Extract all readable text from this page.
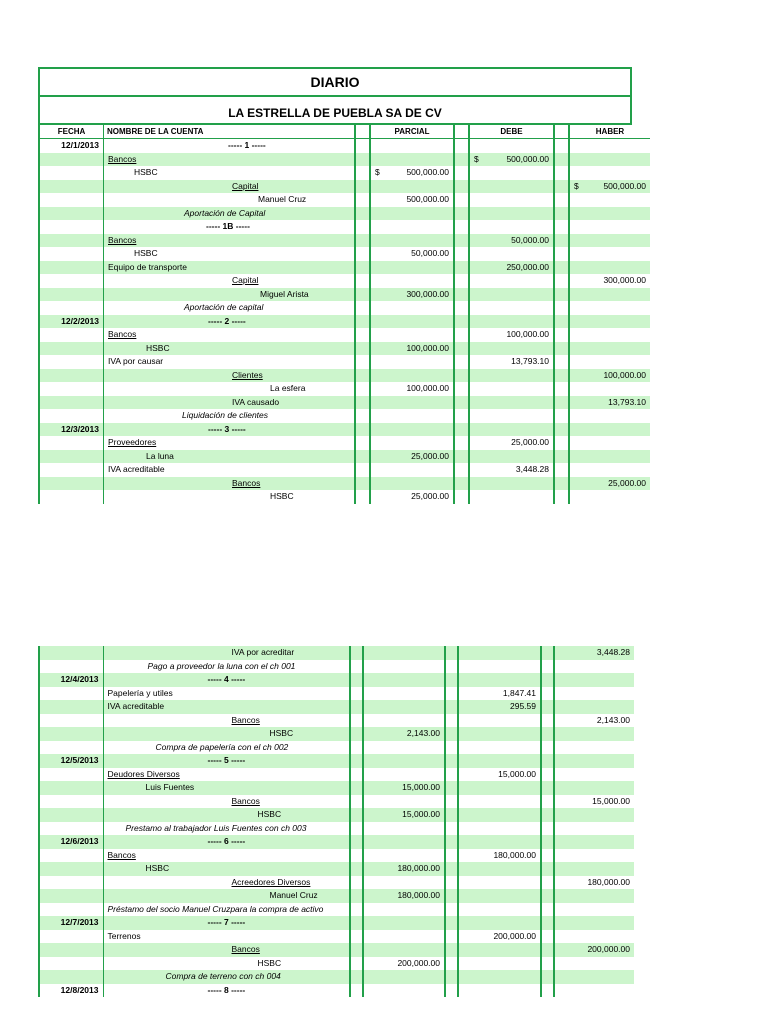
DIARIO
LA ESTRELLA DE PUEBLA SA DE CV
FECHA	NOMBRE DE LA CUENTA		PARCIAL		DEBE		HABER
12/1/2013	----- 1 -----						
	Bancos				$ 500,000.00		
	HSBC		$ 500,000.00				
	Capital						$ 500,000.00
	Manuel Cruz		500,000.00				
	Aportación de Capital						
	----- 1B -----						
	Bancos				50,000.00		
	HSBC		50,000.00				
	Equipo de transporte				250,000.00		
	Capital						300,000.00
	Miguel Arista		300,000.00				
	Aportación de capital						
12/2/2013	----- 2 -----						
	Bancos				100,000.00		
	HSBC		100,000.00				
	IVA por causar				13,793.10		
	Clientes						100,000.00
	La esfera		100,000.00				
	IVA causado						13,793.10
	Liquidación de clientes						
12/3/2013	----- 3 -----						
	Proveedores				25,000.00		
	La luna		25,000.00				
	IVA acreditable				3,448.28		
	Bancos						25,000.00
	HSBC		25,000.00				
	IVA por acreditar						3,448.28
	Pago a proveedor la luna con el ch 001						
12/4/2013	----- 4 -----						
	Papelería y utiles				1,847.41		
	IVA acreditable				295.59		
	Bancos						2,143.00
	HSBC		2,143.00				
	Compra de papelería con el ch 002						
12/5/2013	----- 5 -----						
	Deudores Diversos				15,000.00		
	Luis Fuentes		15,000.00				
	Bancos						15,000.00
	HSBC		15,000.00				
	Prestamo al trabajador Luis Fuentes con ch 003						
12/6/2013	----- 6 -----						
	Bancos				180,000.00		
	HSBC		180,000.00				
	Acreedores Diversos						180,000.00
	Manuel Cruz		180,000.00				
	Préstamo del socio Manuel Cruzpara la compra de activo						
12/7/2013	----- 7 -----						
	Terrenos				200,000.00		
	Bancos						200,000.00
	HSBC		200,000.00				
	Compra de terreno con ch 004						
12/8/2013	----- 8 -----						
